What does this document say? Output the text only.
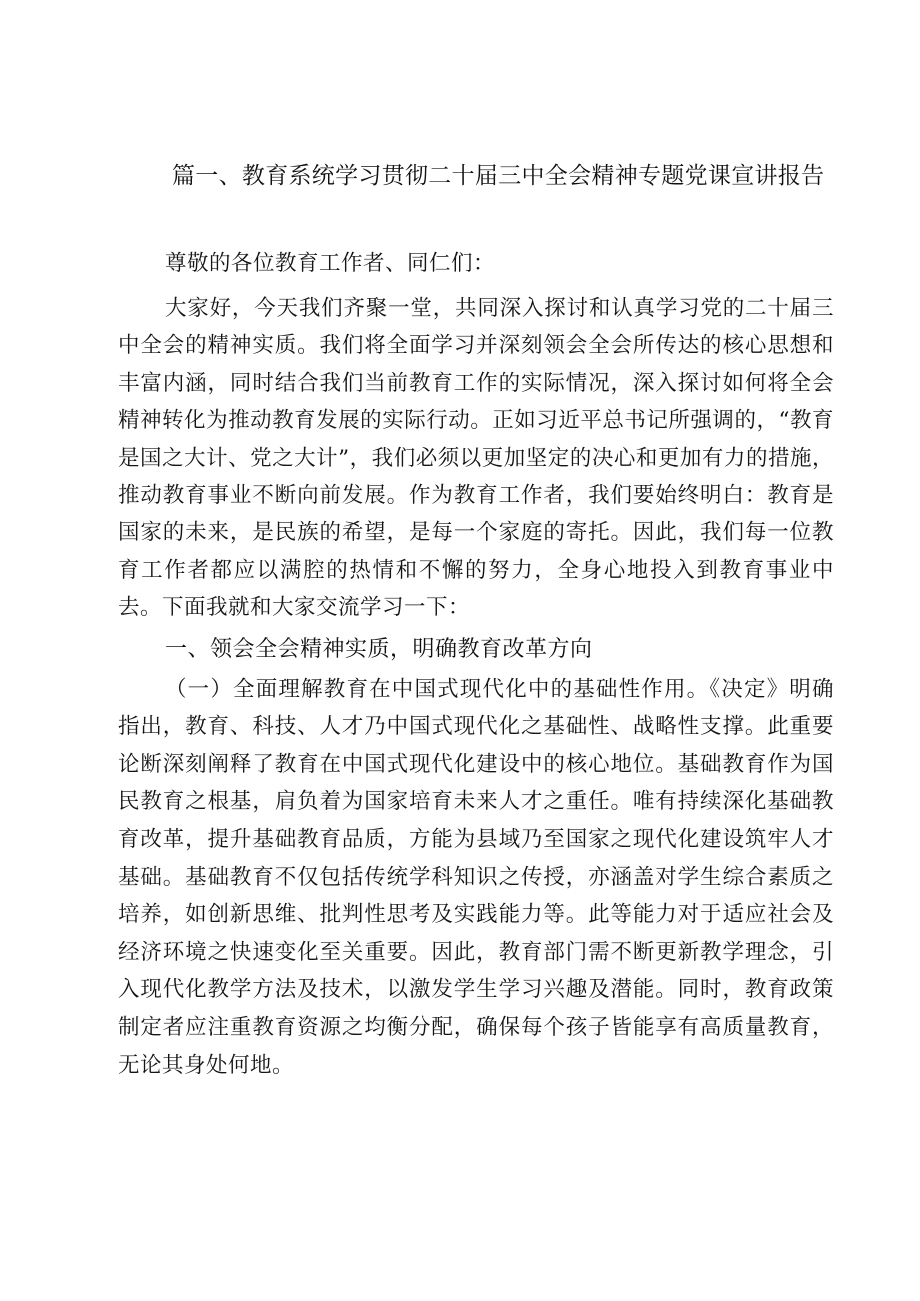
篇一、教育系统学习贯彻二十届三中全会精神专题党课宣讲报告

尊敬的各位教育工作者、同仁们：

大家好，今天我们齐聚一堂，共同深入探讨和认真学习党的二十届三中全会的精神实质。我们将全面学习并深刻领会全会所传达的核心思想和丰富内涵，同时结合我们当前教育工作的实际情况，深入探讨如何将全会精神转化为推动教育发展的实际行动。正如习近平总书记所强调的，“教育是国之大计、党之大计”，我们必须以更加坚定的决心和更加有力的措施，推动教育事业不断向前发展。作为教育工作者，我们要始终明白：教育是国家的未来，是民族的希望，是每一个家庭的寄托。因此，我们每一位教育工作者都应以满腔的热情和不懈的努力，全身心地投入到教育事业中去。下面我就和大家交流学习一下：

一、领会全会精神实质，明确教育改革方向

（一）全面理解教育在中国式现代化中的基础性作用。《决定》明确指出，教育、科技、人才乃中国式现代化之基础性、战略性支撑。此重要论断深刻阐释了教育在中国式现代化建设中的核心地位。基础教育作为国民教育之根基，肩负着为国家培育未来人才之重任。唯有持续深化基础教育改革，提升基础教育品质，方能为县域乃至国家之现代化建设筑牢人才基础。基础教育不仅包括传统学科知识之传授，亦涵盖对学生综合素质之培养，如创新思维、批判性思考及实践能力等。此等能力对于适应社会及经济环境之快速变化至关重要。因此，教育部门需不断更新教学理念，引入现代化教学方法及技术，以激发学生学习兴趣及潜能。同时，教育政策制定者应注重教育资源之均衡分配，确保每个孩子皆能享有高质量教育，无论其身处何地。
